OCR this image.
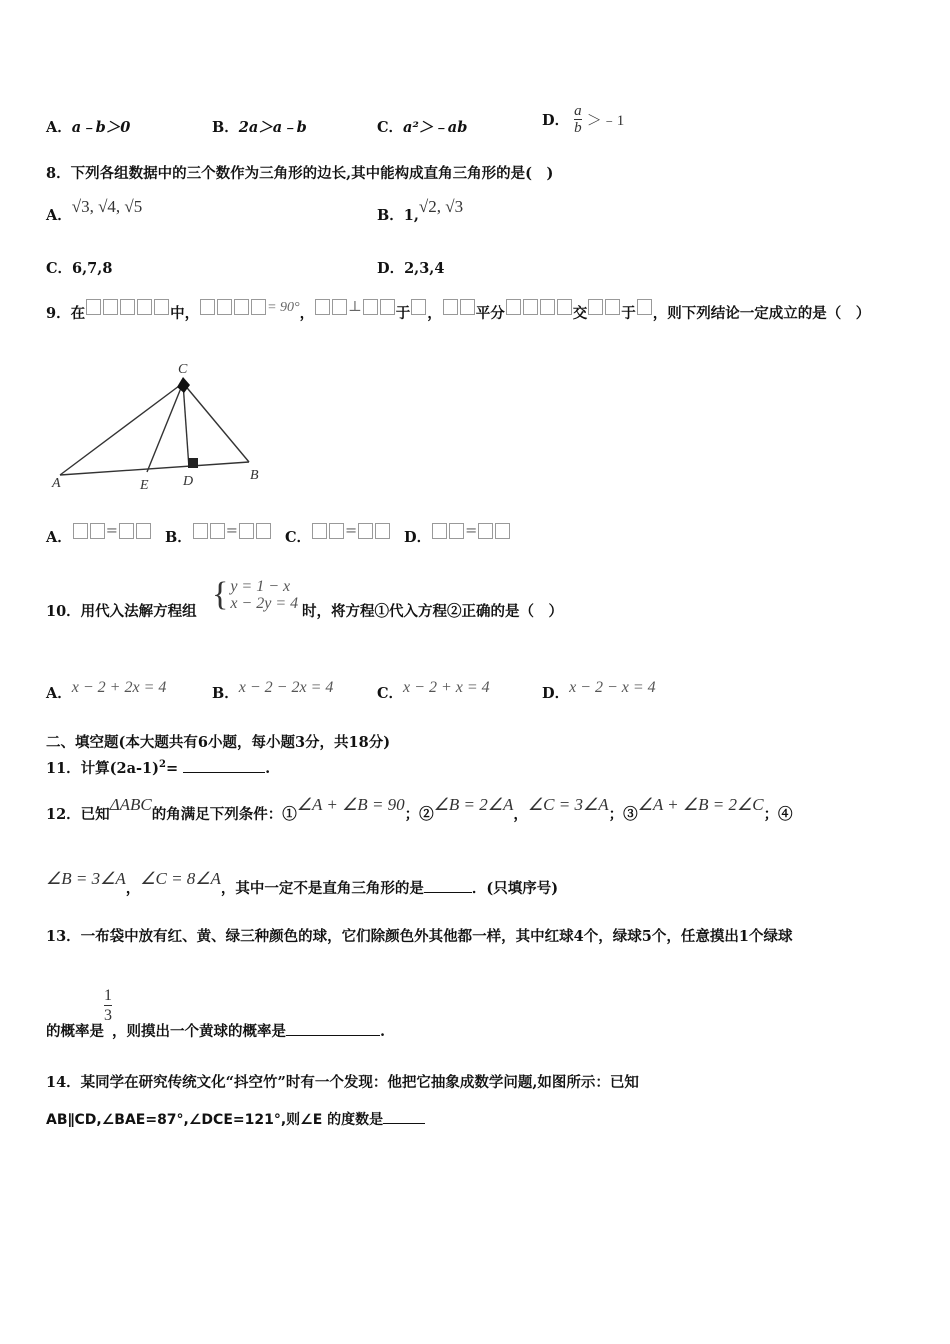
A．a﹣b＞0	B．2a＞a﹣b	C．a²＞﹣ab	D． $\frac{a}{b}$ ＞﹣1
8．下列各组数据中的三个数作为三角形的边长,其中能构成直角三角形的是(　)
A．√3, √4, √5	B．1,√2, √3
C．6,7,8	D．2,3,4
9．在	中，	= 90°， ⊥ 于 ， 平分	交 于 ，则下列结论一定成立的是（　）
C
A	E D	B
A． =	B． =	C． =	D． =
10．用代入法解方程组 { y = 1 − x
x − 2y = 4 时，将方程①代入方程②正确的是（　）
A．x − 2 + 2x = 4	B．x − 2 − 2x = 4	C．x − 2 + x = 4	D．x − 2 − x = 4
二、填空题(本大题共有6小题，每小题3分，共18分)
11．计算$(2a-1)^2=$	.
12．已知ΔABC的角满足下列条件：①∠A + ∠B = 90；②∠B = 2∠A，∠C = 3∠A；③∠A + ∠B = 2∠C；④
∠B = 3∠A，∠C = 8∠A，其中一定不是直角三角形的是	．(只填序号)
13．一布袋中放有红、黄、绿三种颜色的球，它们除颜色外其他都一样，其中红球4个，绿球5个，任意摸出1个绿球
的概率是
$\frac{1}{3}$
，则摸出一个黄球的概率是	.
14．某同学在研究传统文化“抖空竹”时有一个发现：他把它抽象成数学问题,如图所示：已知
AB∥CD,∠BAE=87°,∠DCE=121°,则∠E 的度数是
